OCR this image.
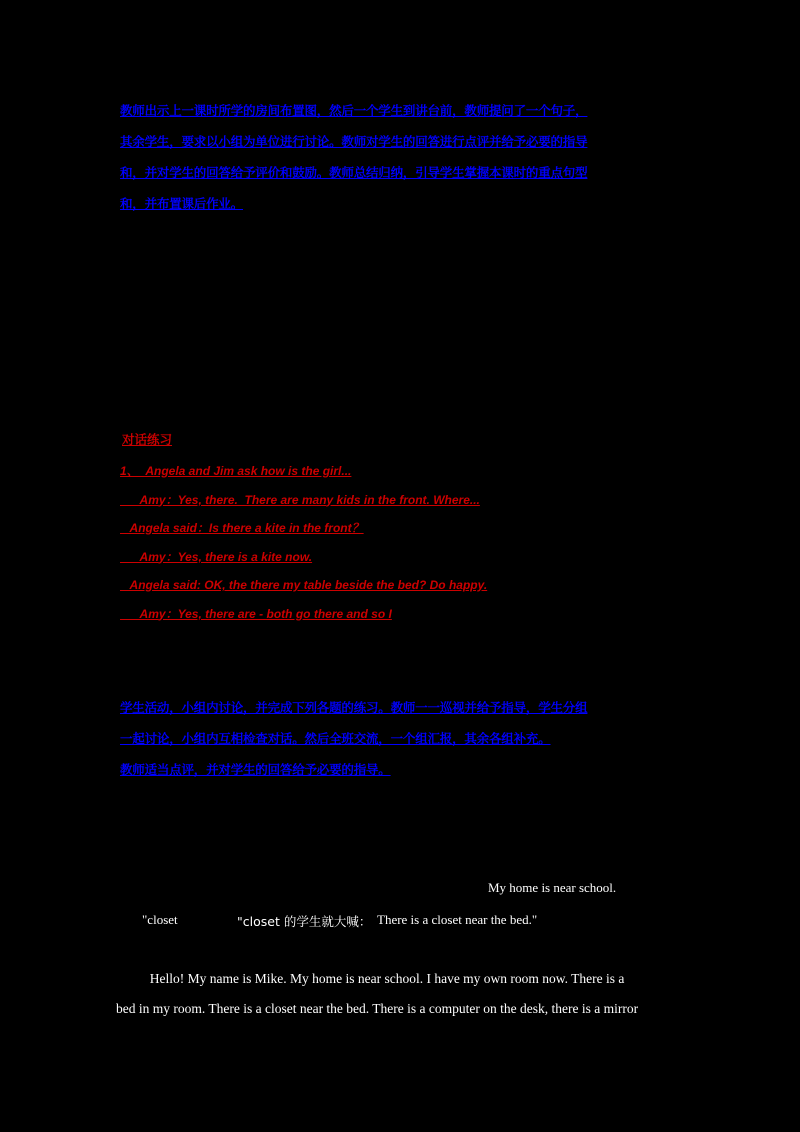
教师出示上一课时所学的房间布置图，然后一个学生到讲台前，教师提问了一个句子，
其余学生，要求以小组为单位进行讨论。教师对学生的回答进行点评并给予必要的指导
和，并对学生的回答给予评价和鼓励。教师总结归纳，引导学生掌握本课时的重点句型
和，并布置课后作业。
对话练习
1、  Angela and Jim ask how is the girl...
Amy：Yes, there.  There are many kids in the front. Where...
Angela said：Is there a kite in the front？
Amy：Yes, there is a kite now.
Angela said: OK, the there my table beside the bed? Do happy.
Amy：Yes, there are - both go there and so I
学生活动，小组内讨论，并完成下列各题的练习。教师一一巡视并给予指导，学生分组
一起讨论，小组内互相检查对话。然后全班交流，一个组汇报，其余各组补充。
教师适当点评，并对学生的回答给予必要的指导。
My home is near school.
"closet	"closet 的学生就大喊： There is a closet near the bed."
Hello! My name is Mike. My home is near school. I have my own room now. There is a
bed in my room. There is a closet near the bed. There is a computer on the desk, there is a mirror
